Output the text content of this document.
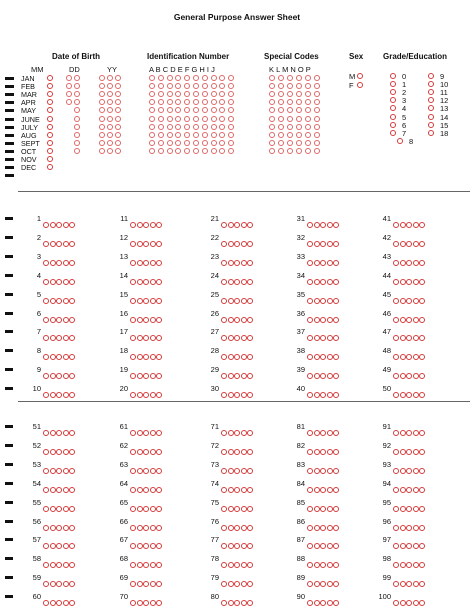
General Purpose Answer Sheet
Date of Birth	Identification Number	Special Codes	Sex Grade/Education
MM	DD	YY	A B C D E F G H I J	K L M N O P
JAN
FEB
MAR
APR
MAY
JUNE
JULY
AUG
SEPT
OCT
NOV
DEC
M
F
0
1
2
3
4
5
6
7
8
9
10
11
12
13
14
15
18
1	11	21	31	41
2	12	22	32	42
3	13	23	33	43
4	14	24	34	44
5	15	25	35	45
6	16	26	36	46
7	17	27	37	47
8	18	28	38	48
9	19	29	39	49
10	20	30	40	50
51	61	71	81	91
52	62	72	82	92
53	63	73	83	93
54	64	74	84	94
55	65	75	85	95
56	66	76	86	96
57	67	77	87	97
58	68	78	88	98
59	69	79	89	99
60	70	80	90	100
